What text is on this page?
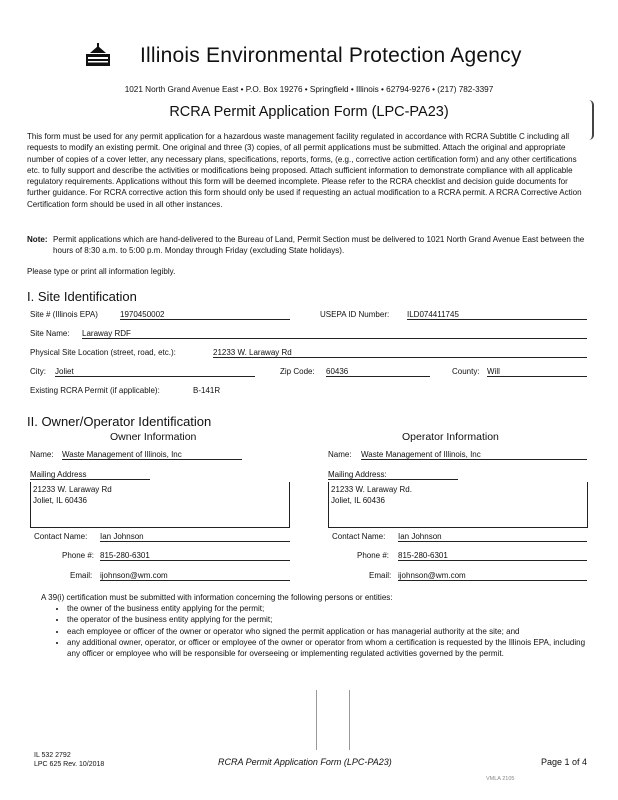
Illinois Environmental Protection Agency
1021 North Grand Avenue East • P.O. Box 19276 • Springfield • Illinois • 62794-9276 • (217) 782-3397
RCRA Permit Application Form (LPC-PA23)
This form must be used for any permit application for a hazardous waste management facility regulated in accordance with RCRA Subtitle C including all requests to modify an existing permit. One original and three (3) copies, of all permit applications must be submitted. Attach the original and appropriate number of copies of a cover letter, any necessary plans, specifications, reports, forms, (e.g., corrective action certification form) and any other certifications etc. to fully support and describe the activities or modifications being proposed. Attach sufficient information to demonstrate compliance with all applicable regulatory requirements. Applications without this form will be deemed incomplete. Please refer to the RCRA checklist and decision guide documents for further guidance. For RCRA corrective action this form should only be used if requesting an actual modification to a RCRA permit. A RCRA Corrective Action Certification form should be used in all other instances.
Note: Permit applications which are hand-delivered to the Bureau of Land, Permit Section must be delivered to 1021 North Grand Avenue East between the hours of 8:30 a.m. to 5:00 p.m. Monday through Friday (excluding State holidays).
Please type or print all information legibly.
I. Site Identification
Site # (Illinois EPA)	1970450002	USEPA ID Number: ILD074411745
Site Name: Laraway RDF
Physical Site Location (street, road, etc.):	21233 W. Laraway Rd
City: Joliet	Zip Code: 60436	County: Will
Existing RCRA Permit (if applicable):	B-141R
II. Owner/Operator Identification
Owner Information
Name: Waste Management of Illinois, Inc
Mailing Address
21233 W. Laraway Rd
Joliet, IL 60436
Contact Name: Ian Johnson
Phone #: 815-280-6301
Email: ijohnson@wm.com
Operator Information
Name: Waste Management of Illinois, Inc
Mailing Address:
21233 W. Laraway Rd.
Joliet, IL 60436
Contact Name: Ian Johnson
Phone #: 815-280-6301
Email: ijohnson@wm.com
A 39(i) certification must be submitted with information concerning the following persons or entities:
• the owner of the business entity applying for the permit;
• the operator of the business entity applying for the permit;
• each employee or officer of the owner or operator who signed the permit application or has managerial authority at the site; and
• any additional owner, operator, or officer or employee of the owner or operator from whom a certification is requested by the Illinois EPA, including any officer or employee who will be responsible for overseeing or implementing regulated activities governed by the permit.
IL 532 2792
LPC 625 Rev. 10/2018	RCRA Permit Application Form (LPC-PA23)	Page 1 of 4
VMLA 2105
